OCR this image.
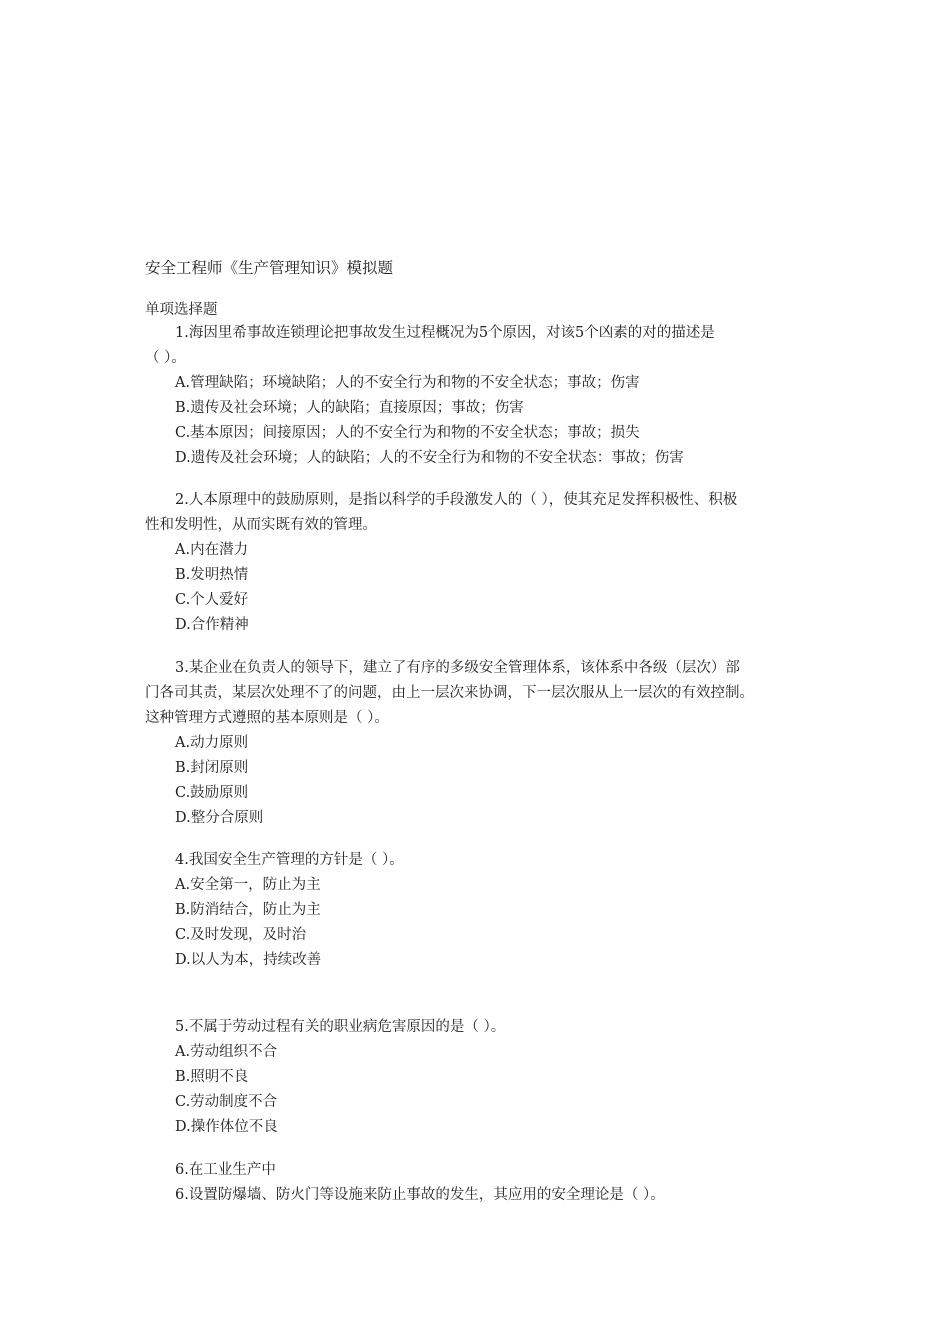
安全工程师《生产管理知识》模拟题
单项选择题
1.海因里希事故连锁理论把事故发生过程概况为5个原因，对该5个凶素的对的描述是
（ ）。
A.管理缺陷；环境缺陷；人的不安全行为和物的不安全状态；事故；伤害
B.遗传及社会环境；人的缺陷；直接原因；事故；伤害
C.基本原因；间接原因；人的不安全行为和物的不安全状态；事故；损失
D.遗传及社会环境；人的缺陷；人的不安全行为和物的不安全状态：事故；伤害
2.人本原理中的鼓励原则，是指以科学的手段激发人的（ ），使其充足发挥积极性、积极
性和发明性，从而实既有效的管理。
A.内在潜力
B.发明热情
C.个人爱好
D.合作精神
3.某企业在负责人的领导下，建立了有序的多级安全管理体系，该体系中各级（层次）部
门各司其责，某层次处理不了的问题，由上一层次来协调，下一层次服从上一层次的有效控制。
这种管理方式遵照的基本原则是（ ）。
A.动力原则
B.封闭原则
C.鼓励原则
D.整分合原则
4.我国安全生产管理的方针是（ ）。
A.安全第一，防止为主
B.防消结合，防止为主
C.及时发现，及时治
D.以人为本，持续改善
5.不属于劳动过程有关的职业病危害原因的是（ ）。
A.劳动组织不合
B.照明不良
C.劳动制度不合
D.操作体位不良
6.在工业生产中
6.设置防爆墙、防火门等设施来防止事故的发生，其应用的安全理论是（ ）。
